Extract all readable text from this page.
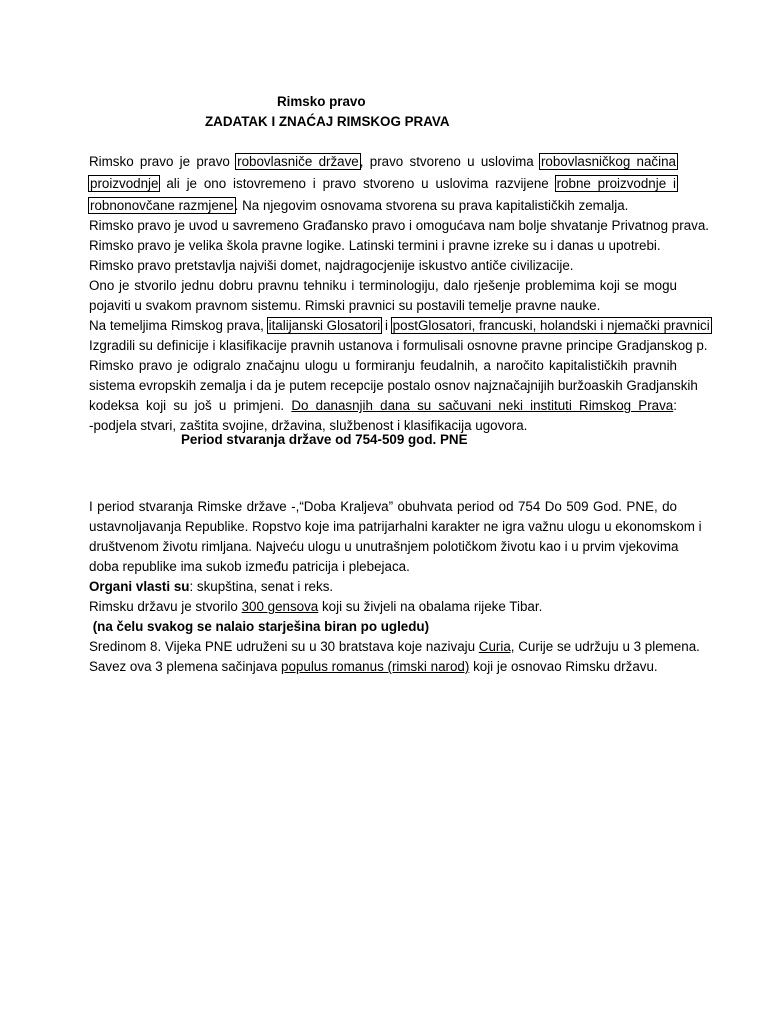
Rimsko pravo

ZADATAK I ZNAĆAJ RIMSKOG PRAVA

Rimsko pravo je pravo robovlasniče države, pravo stvoreno u uslovima robovlasničkog načina
proizvodnje ali je ono istovremeno i pravo stvoreno u uslovima razvijene robne proizvodnje i
robnonovčane razmjene. Na njegovim osnovama stvorena su prava kapitalističkih zemalja.
Rimsko pravo je uvod u savremeno Građansko pravo i omogućava nam bolje shvatanje Privatnog prava.
Rimsko pravo je velika škola pravne logike. Latinski termini i pravne izreke su i danas u upotrebi.
Rimsko pravo pretstavlja najviši domet, najdragocjenije iskustvo antiče civilizacije.
Ono je stvorilo jednu dobru pravnu tehniku i terminologiju, dalo rješenje problemima koji se mogu
pojaviti u svakom pravnom sistemu. Rimski pravnici su postavili temelje pravne nauke.
Na temeljima Rimskog prava, italijanski Glosatori i postGlosatori, francuski, holandski i njemački pravnici
Izgradili su definicije i klasifikacije pravnih ustanova i formulisali osnovne pravne principe Gradjanskog p.
Rimsko pravo je odigralo značajnu ulogu u formiranju feudalnih, a naročito kapitalističkih pravnih
sistema evropskih zemalja i da je putem recepcije postalo osnov najznačajnijih buržoaskih Gradjanskih
kodeksa koji su još u primjeni. Do danasnjih dana su sačuvani neki instituti Rimskog Prava:
-podjela stvari, zaštita svojine, državina, službenost i klasifikacija ugovora.

Period stvaranja države od 754-509 god. PNE

I period stvaranja Rimske države -,“Doba Kraljeva” obuhvata period od 754 Do 509 God. PNE, do
ustavnoljavanja Republike. Ropstvo koje ima patrijarhalni karakter ne igra važnu ulogu u ekonomskom i
društvenom životu rimljana. Najveću ulogu u unutrašnjem polotičkom životu kao i u prvim vjekovima
doba republike ima sukob između patricija i plebejaca.
Organi vlasti su: skupština, senat i reks.
Rimsku državu je stvorilo 300 gensova koji su živjeli na obalama rijeke Tibar.
(na čelu svakog se nalaio starješina biran po ugledu)
Sredinom 8. Vijeka PNE udruženi su u 30 bratstava koje nazivaju Curia, Curije se udržuju u 3 plemena.
Savez ova 3 plemena sačinjava populus romanus (rimski narod) koji je osnovao Rimsku državu.
